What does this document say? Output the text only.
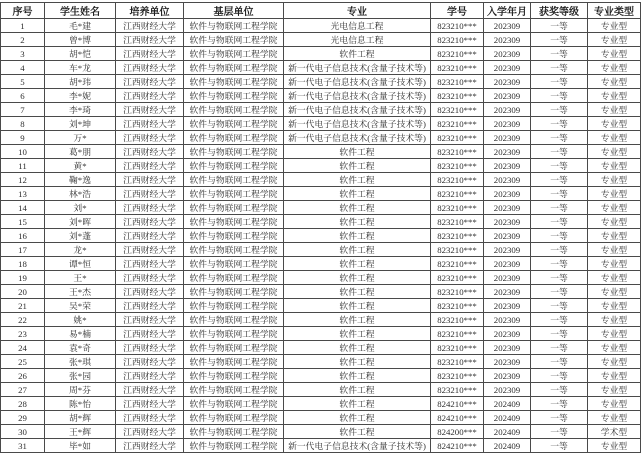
序号	学生姓名	培养单位	基层单位	专业	学号	入学年月	获奖等级	专业类型
1	毛*建	江西财经大学	软件与物联网工程学院	光电信息工程	823210***	202309	一等	专业型
2	曾*博	江西财经大学	软件与物联网工程学院	光电信息工程	823210***	202309	一等	专业型
3	胡*恺	江西财经大学	软件与物联网工程学院	软件工程	823210***	202309	一等	专业型
4	车*龙	江西财经大学	软件与物联网工程学院	新一代电子信息技术(含量子技术等)	823210***	202309	一等	专业型
5	胡*玮	江西财经大学	软件与物联网工程学院	新一代电子信息技术(含量子技术等)	823210***	202309	一等	专业型
6	李*妮	江西财经大学	软件与物联网工程学院	新一代电子信息技术(含量子技术等)	823210***	202309	一等	专业型
7	李*琦	江西财经大学	软件与物联网工程学院	新一代电子信息技术(含量子技术等)	823210***	202309	一等	专业型
8	刘*坤	江西财经大学	软件与物联网工程学院	新一代电子信息技术(含量子技术等)	823210***	202309	一等	专业型
9	万*	江西财经大学	软件与物联网工程学院	新一代电子信息技术(含量子技术等)	823210***	202309	一等	专业型
10	葛*朋	江西财经大学	软件与物联网工程学院	软件工程	823210***	202309	一等	专业型
11	黄*	江西财经大学	软件与物联网工程学院	软件工程	823210***	202309	一等	专业型
12	鞠*逸	江西财经大学	软件与物联网工程学院	软件工程	823210***	202309	一等	专业型
13	林*浩	江西财经大学	软件与物联网工程学院	软件工程	823210***	202309	一等	专业型
14	刘*	江西财经大学	软件与物联网工程学院	软件工程	823210***	202309	一等	专业型
15	刘*晖	江西财经大学	软件与物联网工程学院	软件工程	823210***	202309	一等	专业型
16	刘*蓬	江西财经大学	软件与物联网工程学院	软件工程	823210***	202309	一等	专业型
17	龙*	江西财经大学	软件与物联网工程学院	软件工程	823210***	202309	一等	专业型
18	谭*恒	江西财经大学	软件与物联网工程学院	软件工程	823210***	202309	一等	专业型
19	王*	江西财经大学	软件与物联网工程学院	软件工程	823210***	202309	一等	专业型
20	王*杰	江西财经大学	软件与物联网工程学院	软件工程	823210***	202309	一等	专业型
21	吴*荣	江西财经大学	软件与物联网工程学院	软件工程	823210***	202309	一等	专业型
22	姚*	江西财经大学	软件与物联网工程学院	软件工程	823210***	202309	一等	专业型
23	易*楠	江西财经大学	软件与物联网工程学院	软件工程	823210***	202309	一等	专业型
24	袁*奇	江西财经大学	软件与物联网工程学院	软件工程	823210***	202309	一等	专业型
25	张*琪	江西财经大学	软件与物联网工程学院	软件工程	823210***	202309	一等	专业型
26	张*园	江西财经大学	软件与物联网工程学院	软件工程	823210***	202309	一等	专业型
27	周*芬	江西财经大学	软件与物联网工程学院	软件工程	823210***	202309	一等	专业型
28	陈*怡	江西财经大学	软件与物联网工程学院	软件工程	824210***	202409	一等	专业型
29	胡*辉	江西财经大学	软件与物联网工程学院	软件工程	824210***	202409	一等	专业型
30	王*辉	江西财经大学	软件与物联网工程学院	软件工程	824200***	202409	一等	学术型
31	毕*如	江西财经大学	软件与物联网工程学院	新一代电子信息技术(含量子技术等)	824210***	202409	一等	专业型
